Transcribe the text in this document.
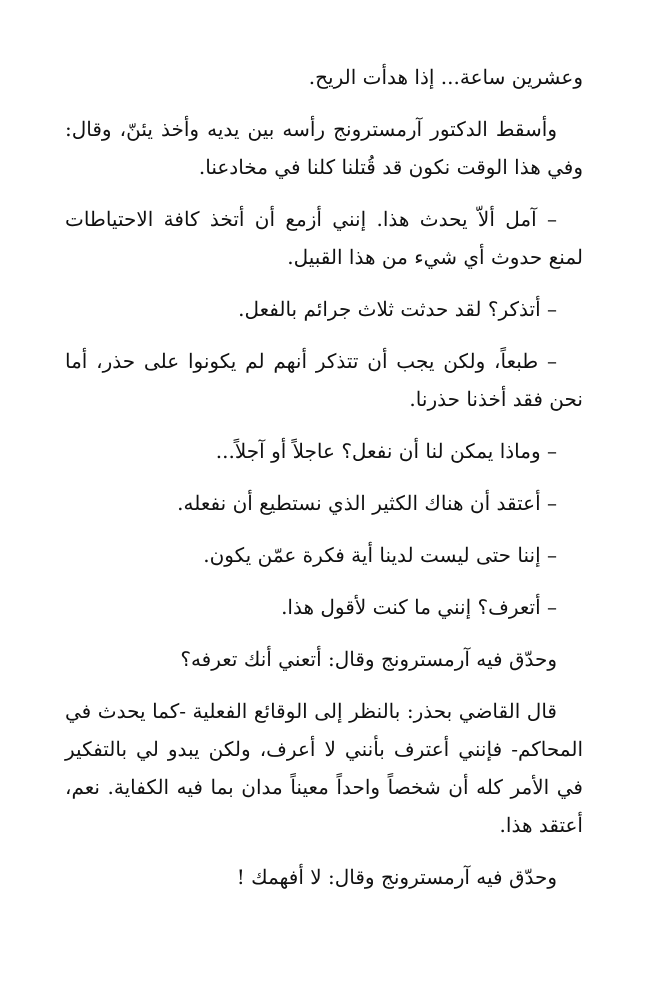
وعشرين ساعة... إذا هدأت الريح.

وأسقط الدكتور آرمسترونج رأسه بين يديه وأخذ يئنّ، وقال: وفي هذا الوقت نكون قد قُتلنا كلنا في مخادعنا.

– آمل ألاّ يحدث هذا. إنني أزمع أن أتخذ كافة الاحتياطات لمنع حدوث أي شيء من هذا القبيل.

– أتذكر؟ لقد حدثت ثلاث جرائم بالفعل.

– طبعاً، ولكن يجب أن تتذكر أنهم لم يكونوا على حذر، أما نحن فقد أخذنا حذرنا.

– وماذا يمكن لنا أن نفعل؟ عاجلاً أو آجلاً...

– أعتقد أن هناك الكثير الذي نستطيع أن نفعله.

– إننا حتى ليست لدينا أية فكرة عمّن يكون.

– أتعرف؟ إنني ما كنت لأقول هذا.

وحدّق فيه آرمسترونج وقال: أتعني أنك تعرفه؟

قال القاضي بحذر: بالنظر إلى الوقائع الفعلية -كما يحدث في المحاكم- فإنني أعترف بأنني لا أعرف، ولكن يبدو لي بالتفكير في الأمر كله أن شخصاً واحداً معيناً مدان بما فيه الكفاية. نعم، أعتقد هذا.

وحدّق فيه آرمسترونج وقال: لا أفهمك !
